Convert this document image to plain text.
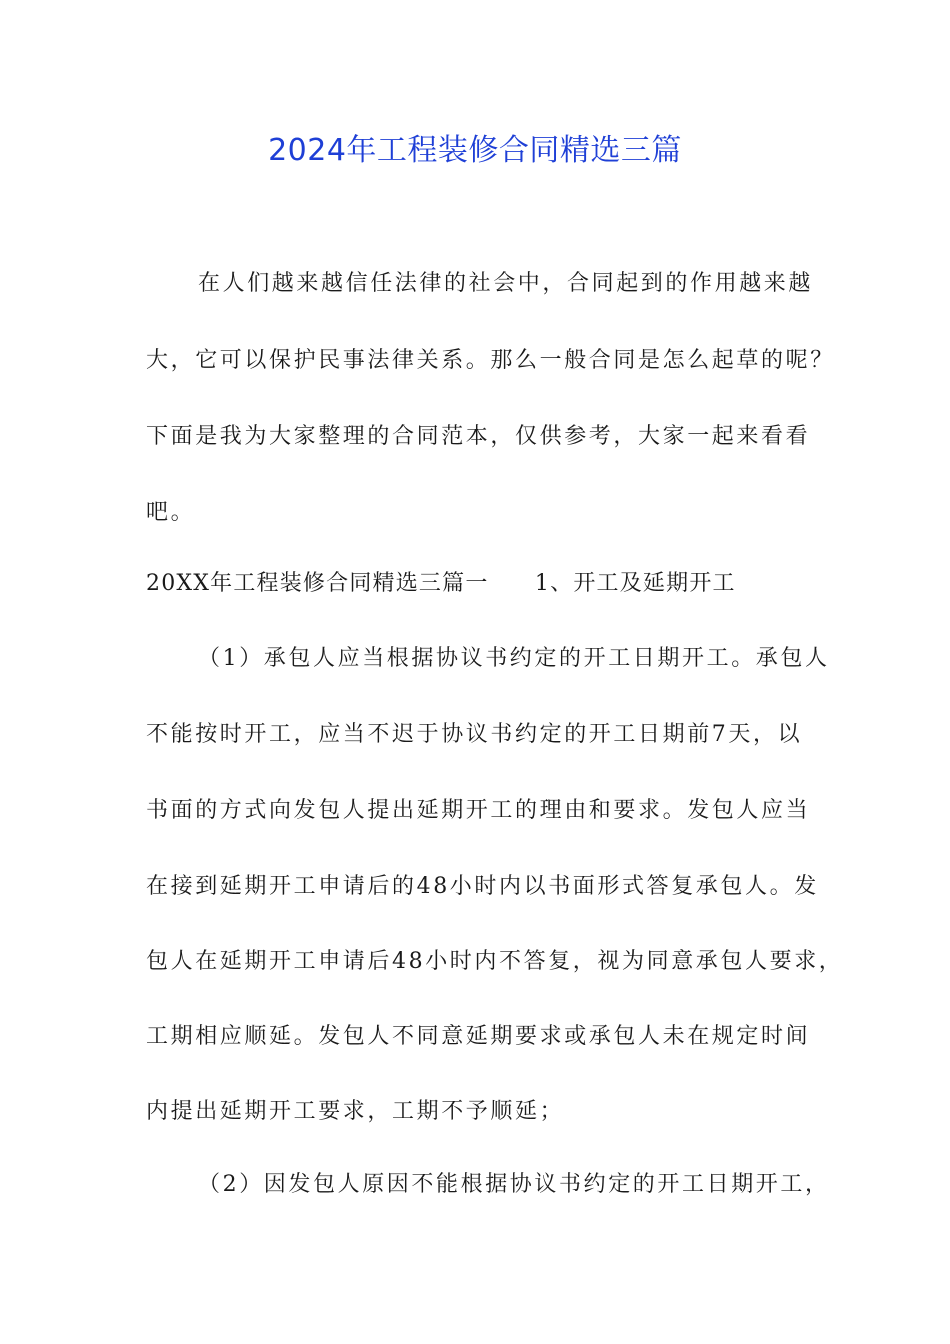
2024年工程装修合同精选三篇
在人们越来越信任法律的社会中，合同起到的作用越来越
大，它可以保护民事法律关系。那么一般合同是怎么起草的呢？
下面是我为大家整理的合同范本，仅供参考，大家一起来看看
吧。
20XX年工程装修合同精选三篇一　　1、开工及延期开工
（1）承包人应当根据协议书约定的开工日期开工。承包人
不能按时开工，应当不迟于协议书约定的开工日期前7天，以
书面的方式向发包人提出延期开工的理由和要求。发包人应当
在接到延期开工申请后的48小时内以书面形式答复承包人。发
包人在延期开工申请后48小时内不答复，视为同意承包人要求，
工期相应顺延。发包人不同意延期要求或承包人未在规定时间
内提出延期开工要求，工期不予顺延；
（2）因发包人原因不能根据协议书约定的开工日期开工，
